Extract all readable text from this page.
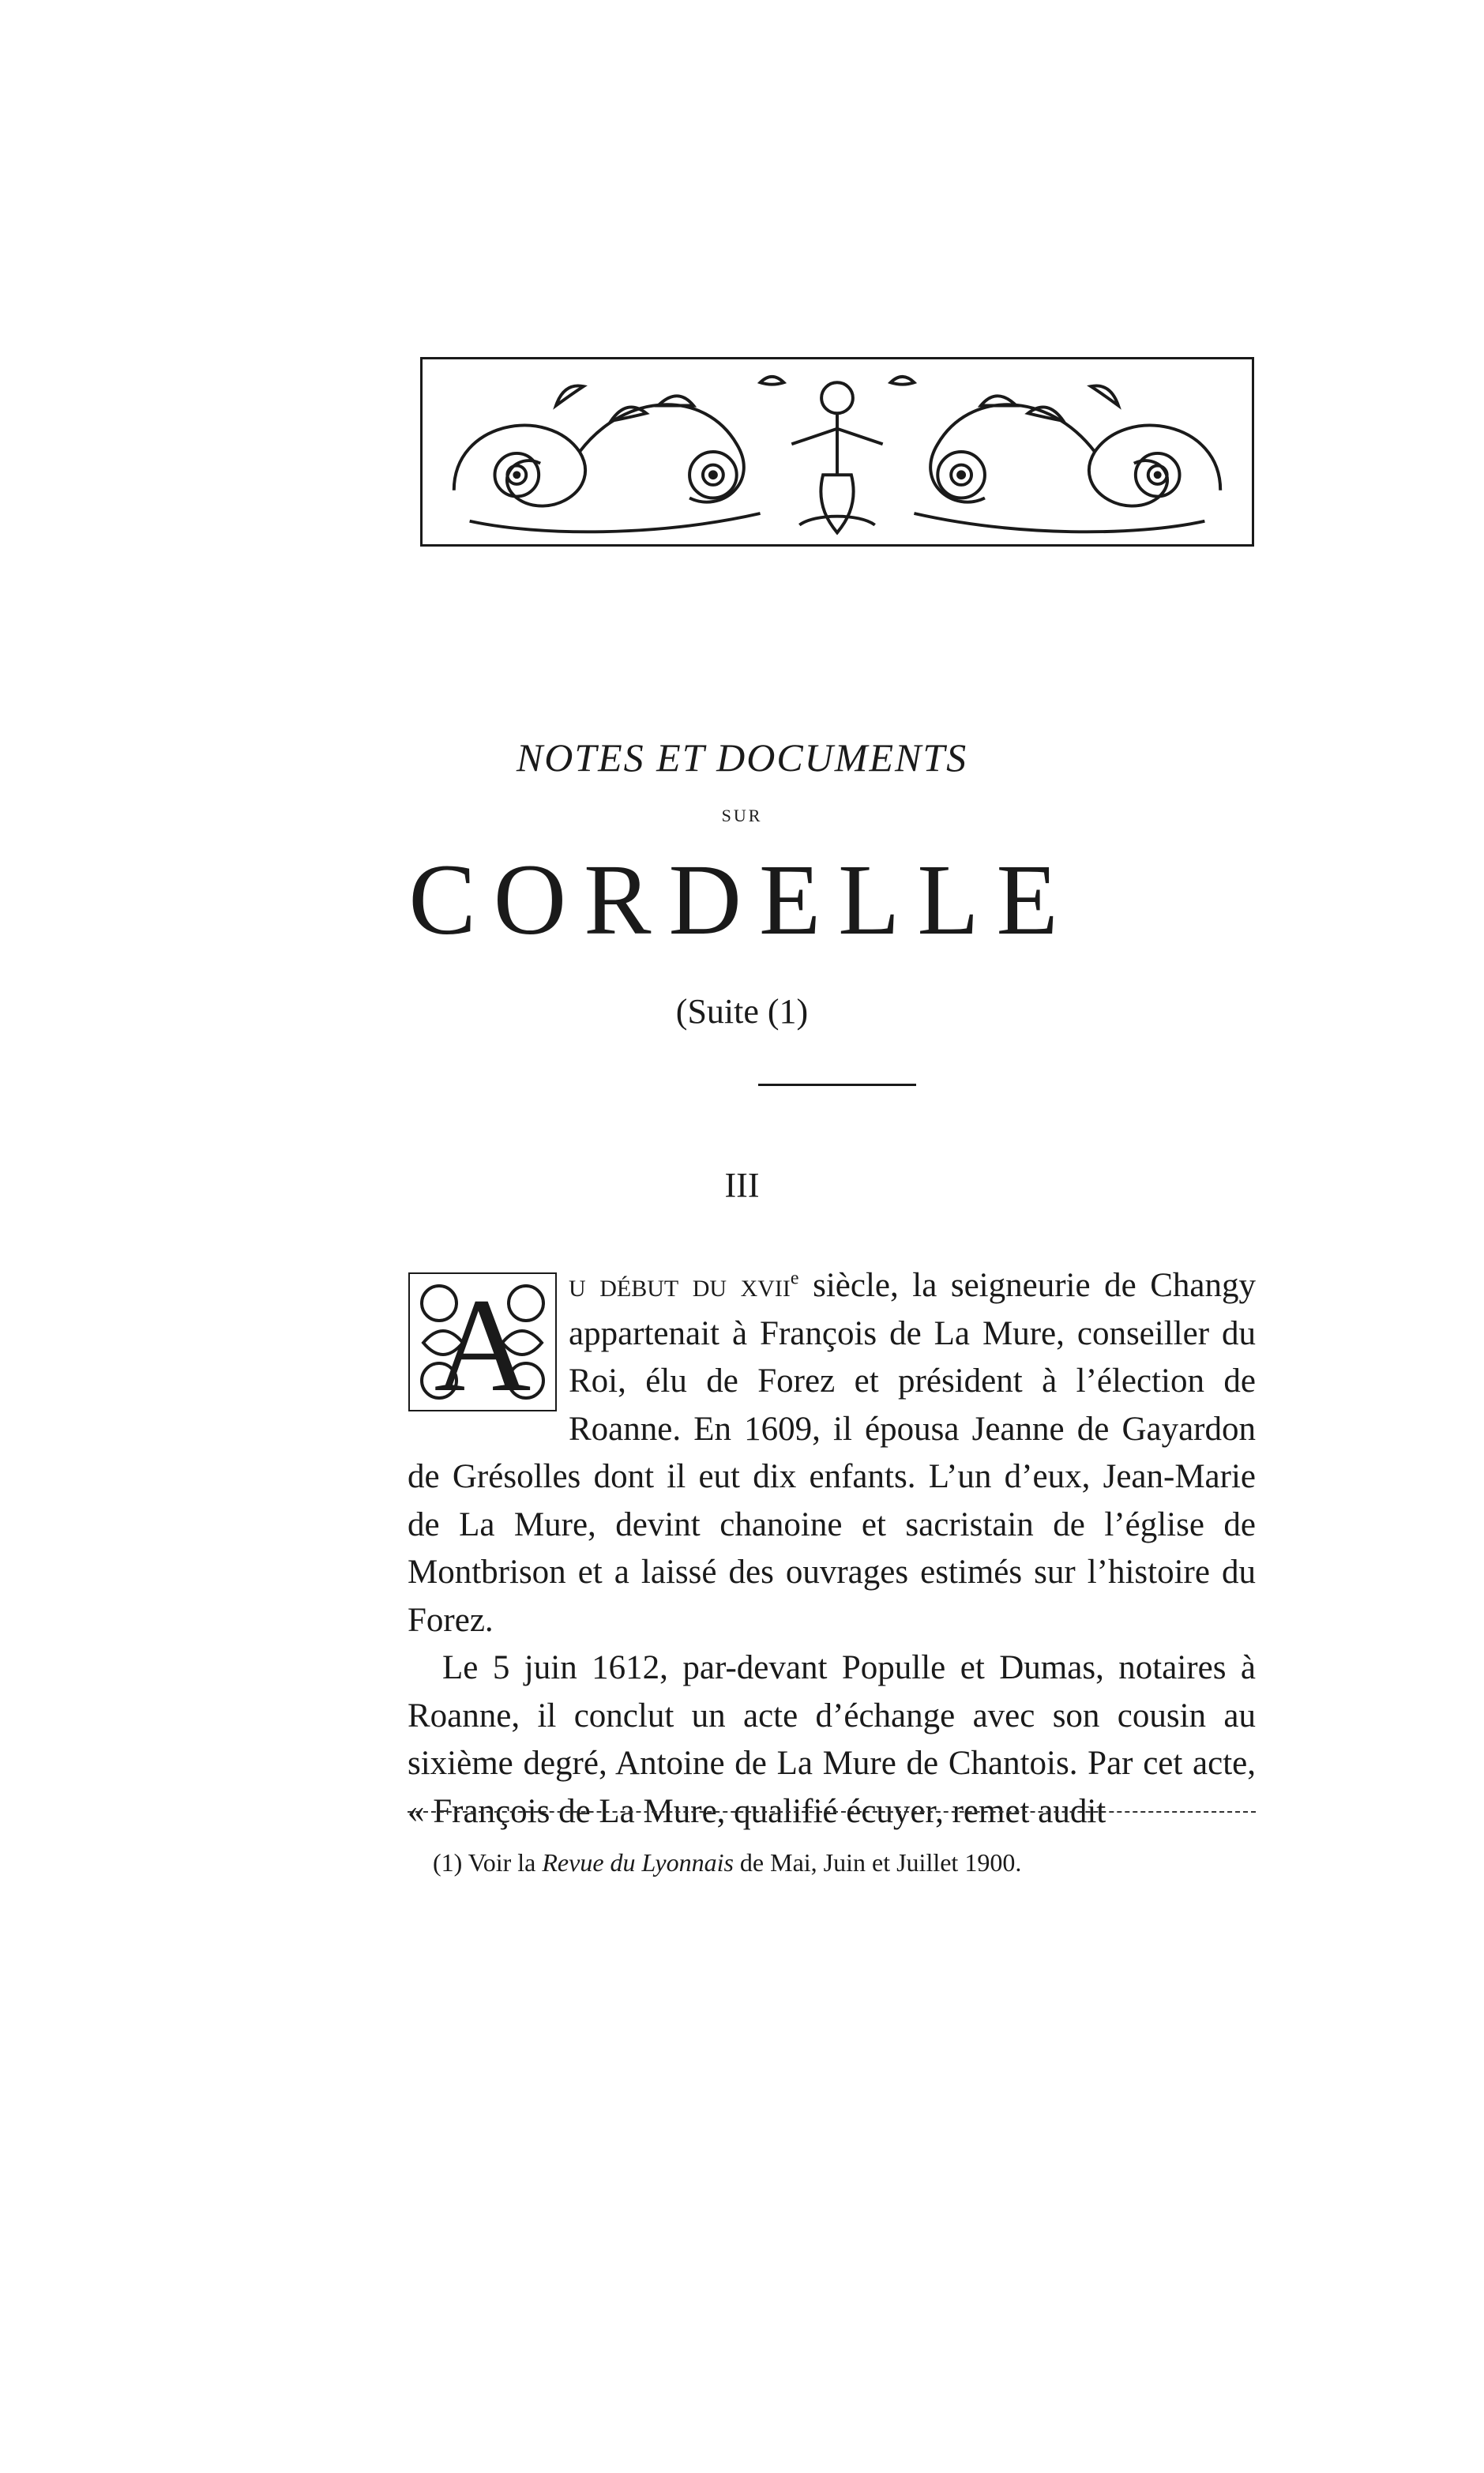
NOTES ET DOCUMENTS
SUR
CORDELLE
(Suite (1)
III

A u début du xvii$^e$ siècle, la seigneurie de Changy appartenait à François de La Mure, conseiller du Roi, élu de Forez et président à l’élection de Roanne. En 1609, il épousa Jeanne de Gayardon de Grésolles dont il eut dix enfants. L’un d’eux, Jean-Marie de La Mure, devint chanoine et sacristain de l’église de Montbrison et a laissé des ouvrages estimés sur l’histoire du Forez.

Le 5 juin 1612, par-devant Populle et Dumas, notaires à Roanne, il conclut un acte d’échange avec son cousin au sixième degré, Antoine de La Mure de Chantois. Par cet acte, « François de La Mure, qualifié écuyer, remet audit

(1) Voir la Revue du Lyonnais de Mai, Juin et Juillet 1900.
